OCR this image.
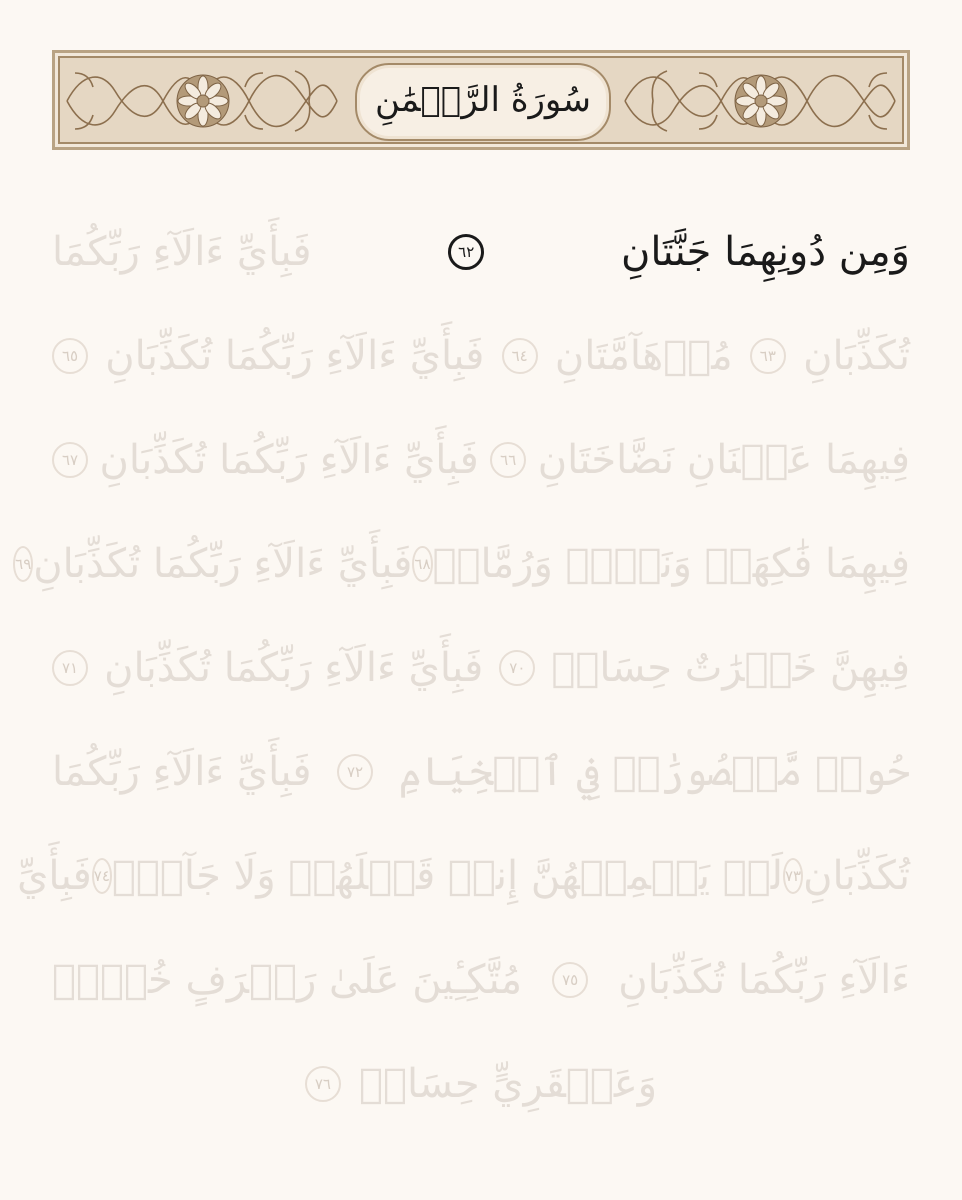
سُورَةُ الرَّحۡمَٰنِ
وَمِن دُونِهِمَا جَنَّتَانِ
٦٢
فَبِأَيِّ ءَالَآءِ رَبِّكُمَا
تُكَذِّبَانِ
٦٣
مُدۡهَآمَّتَانِ
٦٤
فَبِأَيِّ ءَالَآءِ رَبِّكُمَا تُكَذِّبَانِ
٦٥
فِيهِمَا عَيۡنَانِ نَضَّاخَتَانِ
٦٦
فَبِأَيِّ ءَالَآءِ رَبِّكُمَا تُكَذِّبَانِ
٦٧
فِيهِمَا فَٰكِهَةٞ وَنَخۡلٞ وَرُمَّانٞ
٦٨
فَبِأَيِّ ءَالَآءِ رَبِّكُمَا تُكَذِّبَانِ
٦٩
فِيهِنَّ خَيۡرَٰتٌ حِسَانٞ
٧٠
فَبِأَيِّ ءَالَآءِ رَبِّكُمَا تُكَذِّبَانِ
٧١
حُورٞ مَّقۡصُورَٰتٞ فِي ٱلۡخِيَامِ
٧٢
فَبِأَيِّ ءَالَآءِ رَبِّكُمَا
تُكَذِّبَانِ
٧٣
لَمۡ يَطۡمِثۡهُنَّ إِنسٞ قَبۡلَهُمۡ وَلَا جَآنّٞ
٧٤
فَبِأَيِّ
ءَالَآءِ رَبِّكُمَا تُكَذِّبَانِ
٧٥
مُتَّكِـِٔينَ عَلَىٰ رَفۡرَفٍ خُضۡرٖ
وَعَبۡقَرِيٍّ حِسَانٖ
٧٦
